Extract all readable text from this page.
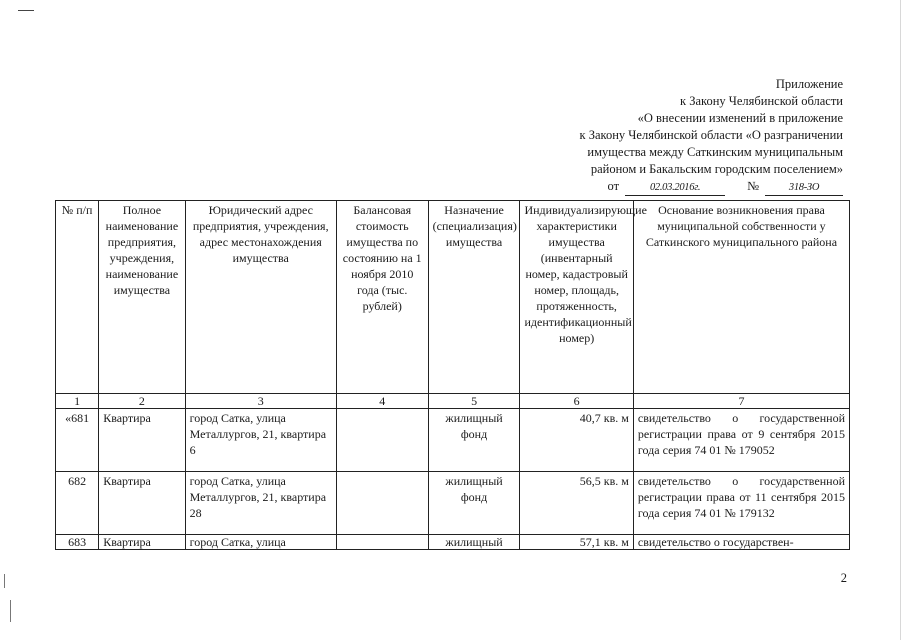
Приложение
к Закону Челябинской области
«О внесении изменений в приложение
к Закону Челябинской области «О разграничении
имущества между Саткинским муниципальным
районом и Бакальским городским поселением»
от	02.03.2016г.	№	318-ЗО
№ п/п	Полное наименование предприятия, учреждения, наименование имущества	Юридический адрес предприятия, учреждения, адрес местонахождения имущества	Балансовая стоимость имущества по состоянию на 1 ноября 2010 года (тыс. рублей)	Назначение (специализация) имущества	Индивидуализирующие характеристики имущества (инвентарный номер, кадастровый номер, площадь, протяженность, идентификационный номер)	Основание возникновения права муниципальной собственности у Саткинского муниципального района
1	2	3	4	5	6	7
«681	Квартира	город Сатка, улица Металлургов, 21, квартира 6		жилищный фонд	40,7 кв. м	свидетельство о государственной регистрации права от 9 сентября 2015 года серия 74 01 № 179052
682	Квартира	город Сатка, улица Металлургов, 21, квартира 28		жилищный фонд	56,5 кв. м	свидетельство о государственной регистрации права от 11 сентября 2015 года серия 74 01 № 179132
683	Квартира	город Сатка, улица		жилищный	57,1 кв. м	свидетельство о государствен-
2
